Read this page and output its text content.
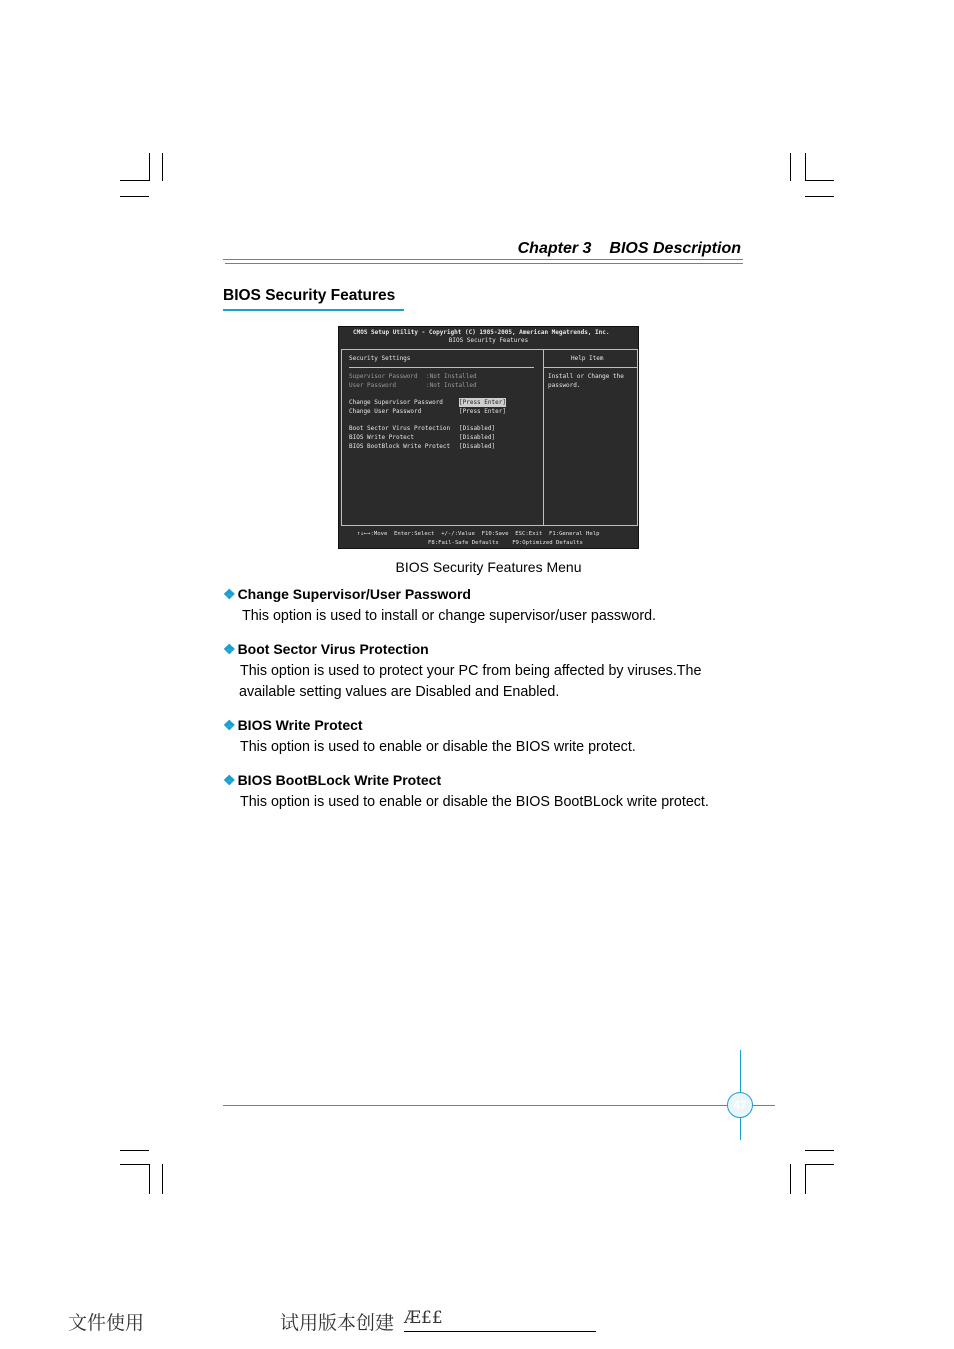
Chapter 3 BIOS Description
BIOS Security Features
CMOS Setup Utility - Copyright (C) 1985-2005, American Megatrends, Inc.
BIOS Security Features
Security Settings	Help Item
Supervisor Password :Not Installed
User Password	:Not Installed
Change Supervisor Password	[Press Enter]
Change User Password	[Press Enter]
Boot Sector Virus Protection [Disabled]
BIOS Write Protect	[Disabled]
BIOS BootBlock Write Protect [Disabled]
Install or Change the
password.
↑↓←→:Move  Enter:Select  +/-/:Value  F10:Save  ESC:Exit  F1:General Help
F8:Fail-Safe Defaults    F9:Optimized Defaults
BIOS Security Features Menu
❖ Change Supervisor/User Password
This option is used to install or change supervisor/user password.
❖ Boot Sector Virus Protection
This option is used to protect your PC from being affected by viruses.The
available setting values are Disabled and Enabled.
❖ BIOS Write Protect
This option is used to enable or disable the BIOS write protect.
❖ BIOS BootBLock Write Protect
This option is used to enable or disable the BIOS BootBLock write protect.
47
文件使用	试用版本创建 Æ££
